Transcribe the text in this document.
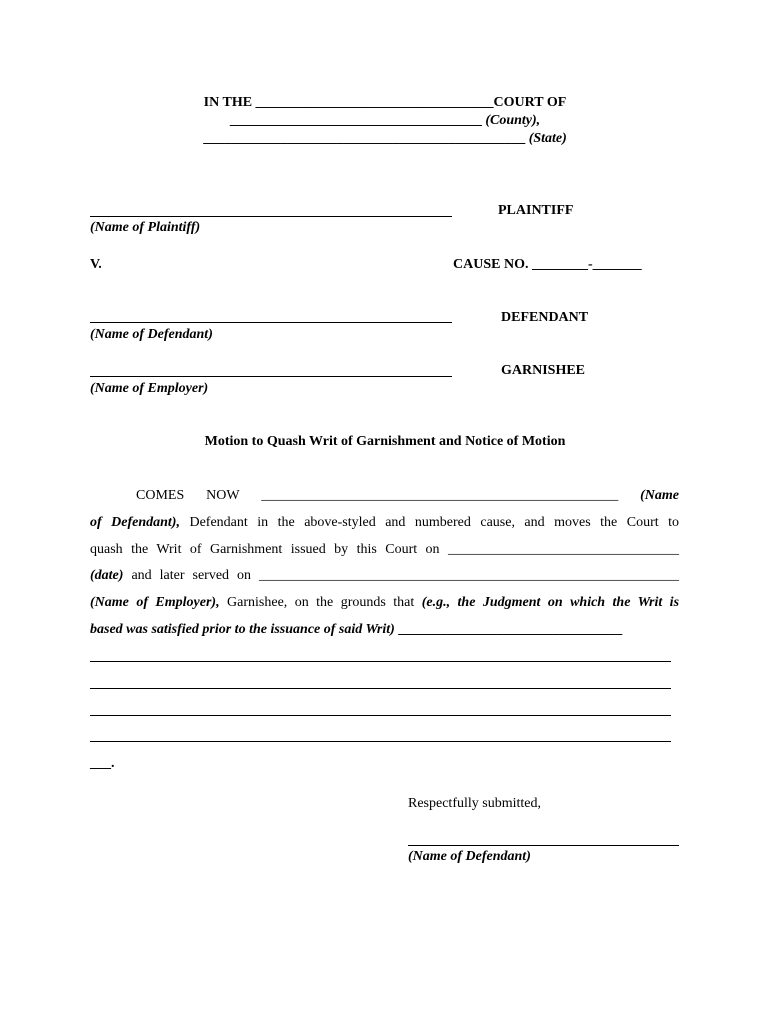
IN THE __________________________________COURT OF
____________________________________ (County),
______________________________________________ (State)
PLAINTIFF
(Name of Plaintiff)
V.	CAUSE NO. ________-_______
DEFENDANT
(Name of Defendant)
GARNISHEE
(Name of Employer)
Motion to Quash Writ of Garnishment and Notice of Motion
COMES NOW ___________________________________________________ (Name
of Defendant), Defendant in the above-styled and numbered cause, and moves the Court to
quash the Writ of Garnishment issued by this Court on _________________________________
(date) and later served on ____________________________________________________________
(Name of Employer), Garnishee, on the grounds that (e.g., the Judgment on which the Writ is
based was satisfied prior to the issuance of said Writ) ________________________________
___.
Respectfully submitted,
(Name of Defendant)
